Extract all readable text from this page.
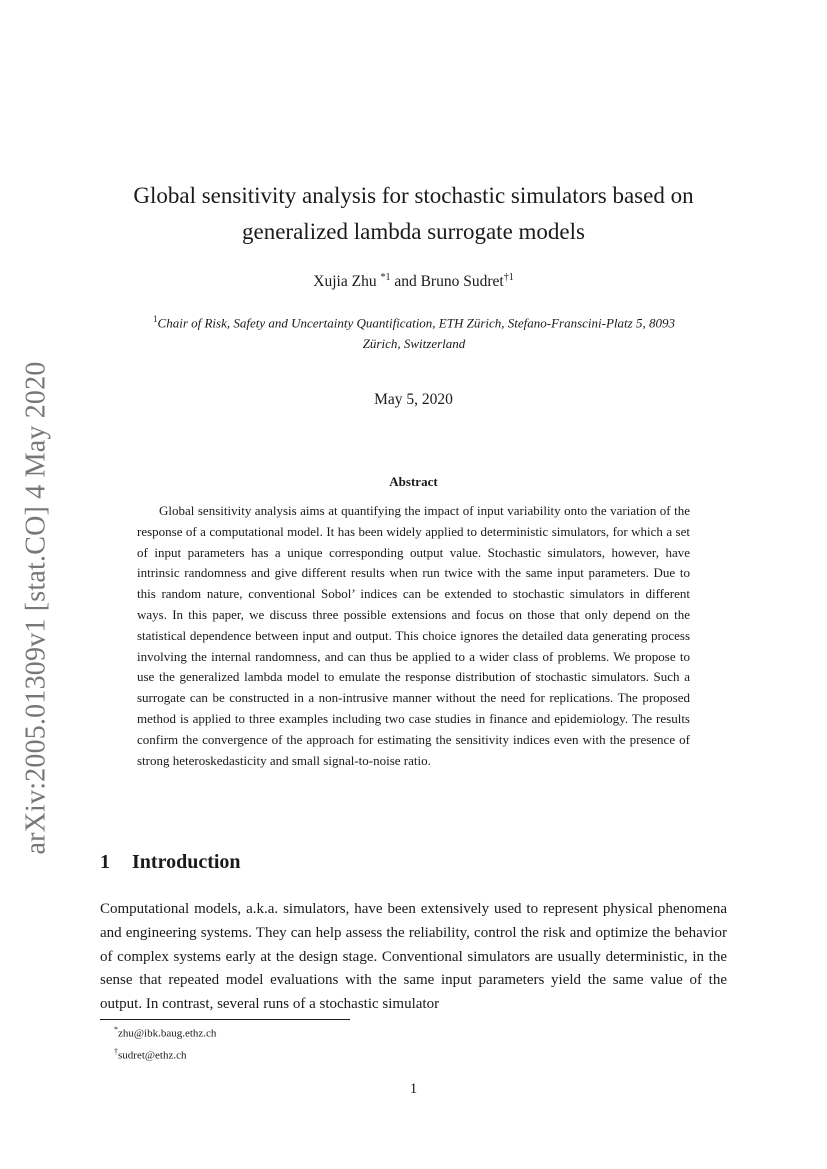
arXiv:2005.01309v1 [stat.CO] 4 May 2020
Global sensitivity analysis for stochastic simulators based on
generalized lambda surrogate models
Xujia Zhu $^{*1}$ and Bruno Sudret$^{\dagger 1}$
$^1$Chair of Risk, Safety and Uncertainty Quantification, ETH Zürich, Stefano-Franscini-Platz 5, 8093
Zürich, Switzerland
May 5, 2020
Abstract

Global sensitivity analysis aims at quantifying the impact of input variability onto the variation of the response of a computational model. It has been widely applied to deterministic simulators, for which a set of input parameters has a unique corresponding output value. Stochastic simulators, however, have intrinsic randomness and give different results when run twice with the same input parameters. Due to this random nature, conventional Sobol’ indices can be extended to stochastic simulators in different ways. In this paper, we discuss three possible extensions and focus on those that only depend on the statistical dependence between input and output. This choice ignores the detailed data generating process involving the internal randomness, and can thus be applied to a wider class of problems. We propose to use the generalized lambda model to emulate the response distribution of stochastic simulators. Such a surrogate can be constructed in a non-intrusive manner without the need for replications. The proposed method is applied to three examples including two case studies in finance and epidemiology. The results confirm the convergence of the approach for estimating the sensitivity indices even with the presence of strong heteroskedasticity and small signal-to-noise ratio.

1 Introduction

Computational models, a.k.a. simulators, have been extensively used to represent physical phenomena and engineering systems. They can help assess the reliability, control the risk and optimize the behavior of complex systems early at the design stage. Conventional simulators are usually deterministic, in the sense that repeated model evaluations with the same input parameters yield the same value of the output. In contrast, several runs of a stochastic simulator

*zhu@ibk.baug.ethz.ch
†sudret@ethz.ch
1
